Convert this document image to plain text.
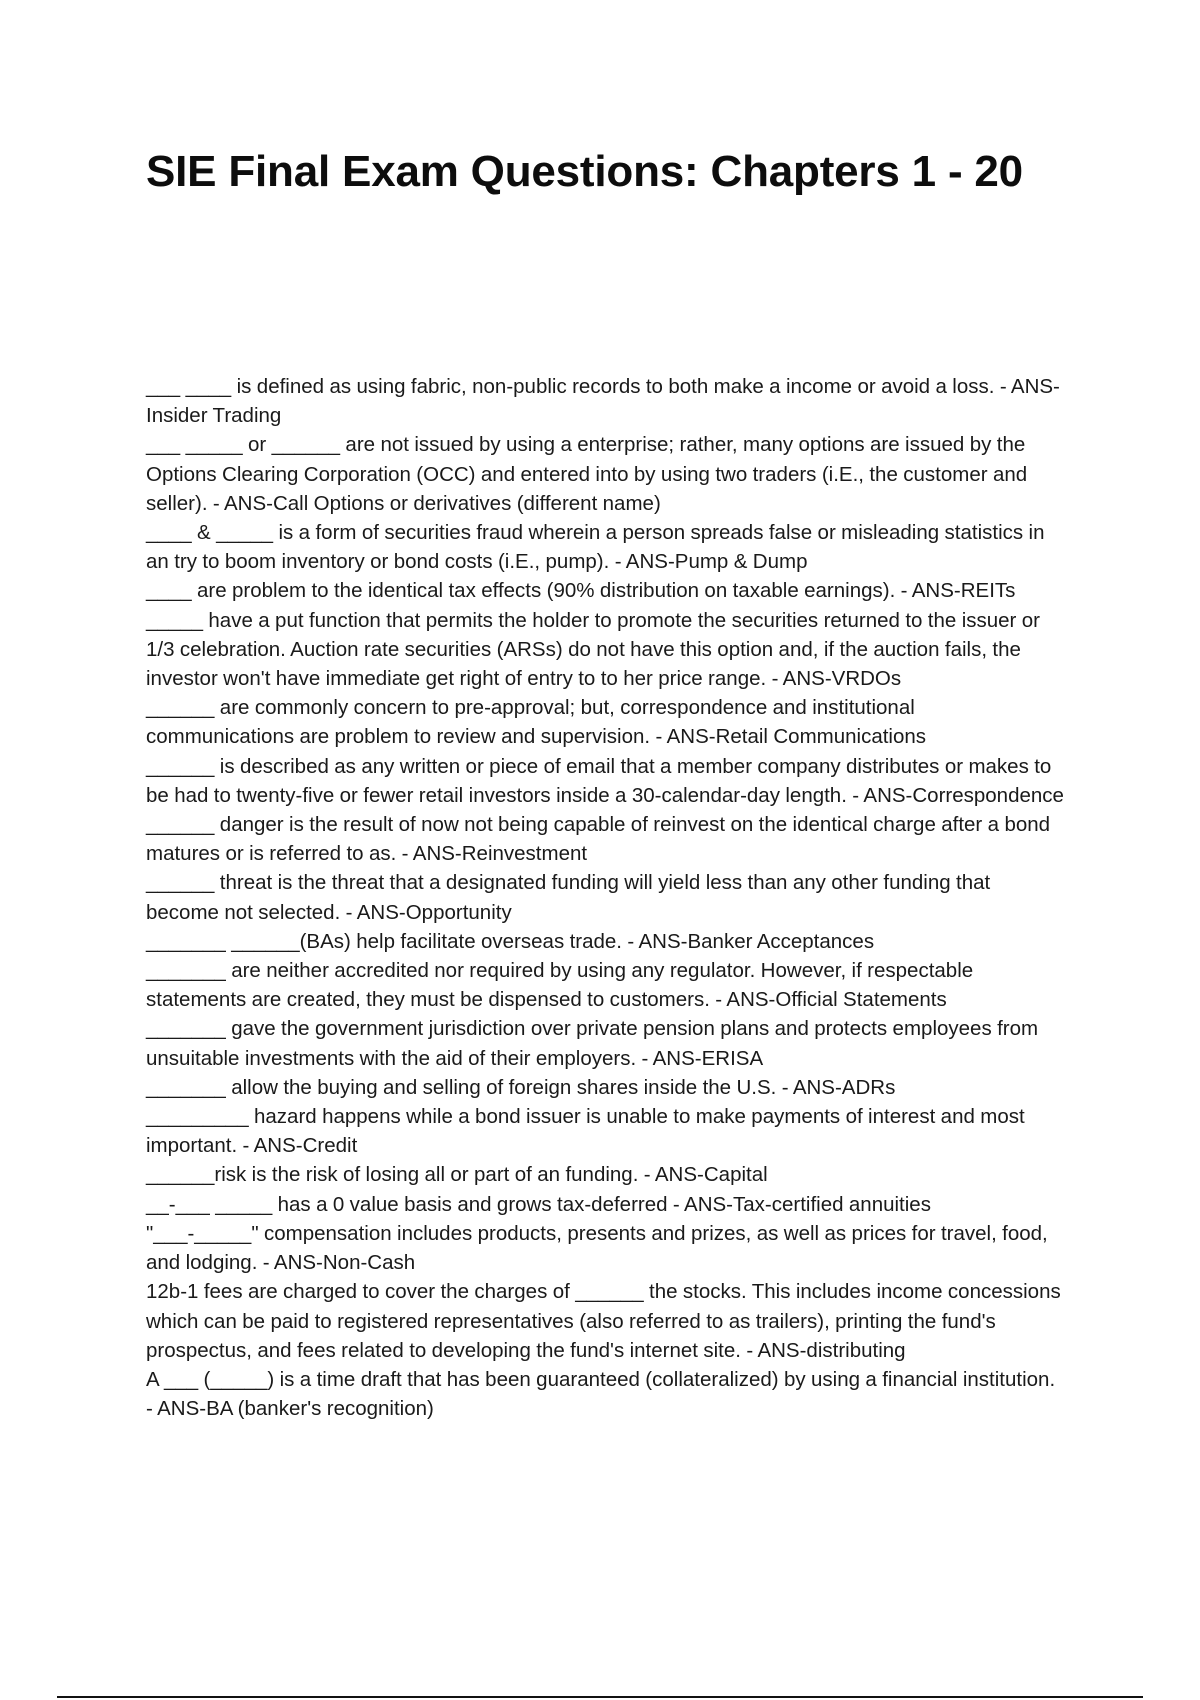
SIE Final Exam Questions: Chapters 1 - 20

___ ____ is defined as using fabric, non-public records to both make a income or avoid a loss. - ANS-Insider Trading

___ _____ or ______ are not issued by using a enterprise; rather, many options are issued by the Options Clearing Corporation (OCC) and entered into by using two traders (i.E., the customer and seller). - ANS-Call Options or derivatives (different name)

____ & _____ is a form of securities fraud wherein a person spreads false or misleading statistics in an try to boom inventory or bond costs (i.E., pump). - ANS-Pump & Dump

____ are problem to the identical tax effects (90% distribution on taxable earnings). - ANS-REITs

_____ have a put function that permits the holder to promote the securities returned to the issuer or 1/3 celebration. Auction rate securities (ARSs) do not have this option and, if the auction fails, the investor won't have immediate get right of entry to to her price range. - ANS-VRDOs

______ are commonly concern to pre-approval; but, correspondence and institutional communications are problem to review and supervision. - ANS-Retail Communications

______ is described as any written or piece of email that a member company distributes or makes to be had to twenty-five or fewer retail investors inside a 30-calendar-day length. - ANS-Correspondence

______ danger is the result of now not being capable of reinvest on the identical charge after a bond matures or is referred to as. - ANS-Reinvestment

______ threat is the threat that a designated funding will yield less than any other funding that become not selected. - ANS-Opportunity

_______ ______(BAs) help facilitate overseas trade. - ANS-Banker Acceptances

_______ are neither accredited nor required by using any regulator. However, if respectable statements are created, they must be dispensed to customers. - ANS-Official Statements

_______ gave the government jurisdiction over private pension plans and protects employees from unsuitable investments with the aid of their employers. - ANS-ERISA

_______ allow the buying and selling of foreign shares inside the U.S. - ANS-ADRs

_________ hazard happens while a bond issuer is unable to make payments of interest and most important. - ANS-Credit

______risk is the risk of losing all or part of an funding. - ANS-Capital

__-___ _____ has a 0 value basis and grows tax-deferred - ANS-Tax-certified annuities

"___-_____" compensation includes products, presents and prizes, as well as prices for travel, food, and lodging. - ANS-Non-Cash

12b-1 fees are charged to cover the charges of ______ the stocks. This includes income concessions which can be paid to registered representatives (also referred to as trailers), printing the fund's prospectus, and fees related to developing the fund's internet site. - ANS-distributing

A ___ (_____) is a time draft that has been guaranteed (collateralized) by using a financial institution. - ANS-BA (banker's recognition)
